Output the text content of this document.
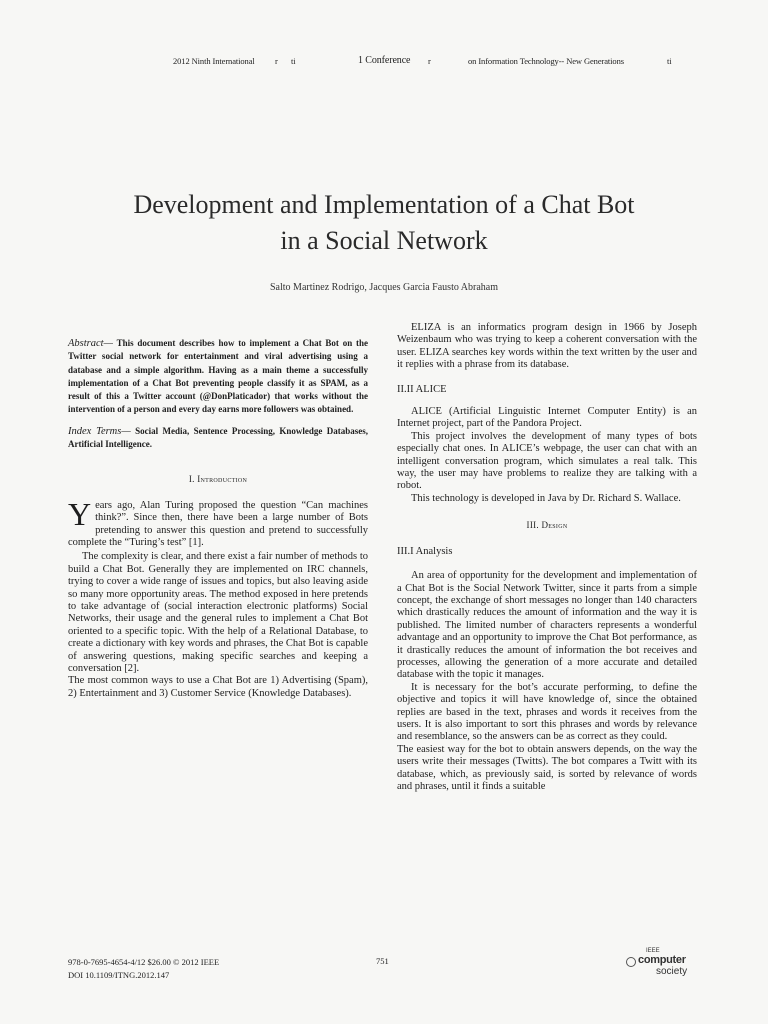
2012 Ninth International r ti	1 Conference r	on Information Technology-- New Generations	ti
Development and Implementation of a Chat Bot
in a Social Network
Salto Martinez Rodrigo, Jacques Garcia Fausto Abraham

Abstract— This document describes how to implement a Chat Bot on the Twitter social network for entertainment and viral advertising using a database and a simple algorithm. Having as a main theme a successfully implementation of a Chat Bot preventing people classify it as SPAM, as a result of this a Twitter account (@DonPlaticador) that works without the intervention of a person and every day earns more followers was obtained.

Index Terms— Social Media, Sentence Processing, Knowledge Databases, Artificial Intelligence.

I. Introduction

Years ago, Alan Turing proposed the question “Can machines think?”. Since then, there have been a large number of Bots pretending to answer this question and pretend to successfully complete the “Turing’s test” [1].

The complexity is clear, and there exist a fair number of methods to build a Chat Bot. Generally they are implemented on IRC channels, trying to cover a wide range of issues and topics, but also leaving aside so many more opportunity areas. The method exposed in here pretends to take advantage of (social interaction electronic platforms) Social Networks, their usage and the general rules to implement a Chat Bot oriented to a specific topic. With the help of a Relational Database, to create a dictionary with key words and phrases, the Chat Bot is capable of answering questions, making specific searches and keeping a conversation [2].

The most common ways to use a Chat Bot are 1) Advertising (Spam), 2) Entertainment and 3) Customer Service (Knowledge Databases).

ELIZA is an informatics program design in 1966 by Joseph Weizenbaum who was trying to keep a coherent conversation with the user. ELIZA searches key words within the text written by the user and it replies with a phrase from its database.

II.II ALICE

ALICE (Artificial Linguistic Internet Computer Entity) is an Internet project, part of the Pandora Project.

This project involves the development of many types of bots especially chat ones. In ALICE’s webpage, the user can chat with an intelligent conversation program, which simulates a real talk. This way, the user may have problems to realize they are talking with a robot.

This technology is developed in Java by Dr. Richard S. Wallace.

III. Design
III.I Analysis

An area of opportunity for the development and implementation of a Chat Bot is the Social Network Twitter, since it parts from a simple concept, the exchange of short messages no longer than 140 characters which drastically reduces the amount of information and the way it is published. The limited number of characters represents a wonderful advantage and an opportunity to improve the Chat Bot performance, as it drastically reduces the amount of information the bot receives and processes, allowing the generation of a more accurate and detailed database with the topic it manages.

It is necessary for the bot’s accurate performing, to define the objective and topics it will have knowledge of, since the obtained replies are based in the text, phrases and words it receives from the users. It is also important to sort this phrases and words by relevance and resemblance, so the answers can be as correct as they could.

The easiest way for the bot to obtain answers depends, on the way the users write their messages (Twitts). The bot compares a Twitt with its database, which, as previously said, is sorted by relevance of words and phrases, until it finds a suitable

978-0-7695-4654-4/12 $26.00 © 2012 IEEE
DOI 10.1109/ITNG.2012.147
751
IEEE
computer
society
